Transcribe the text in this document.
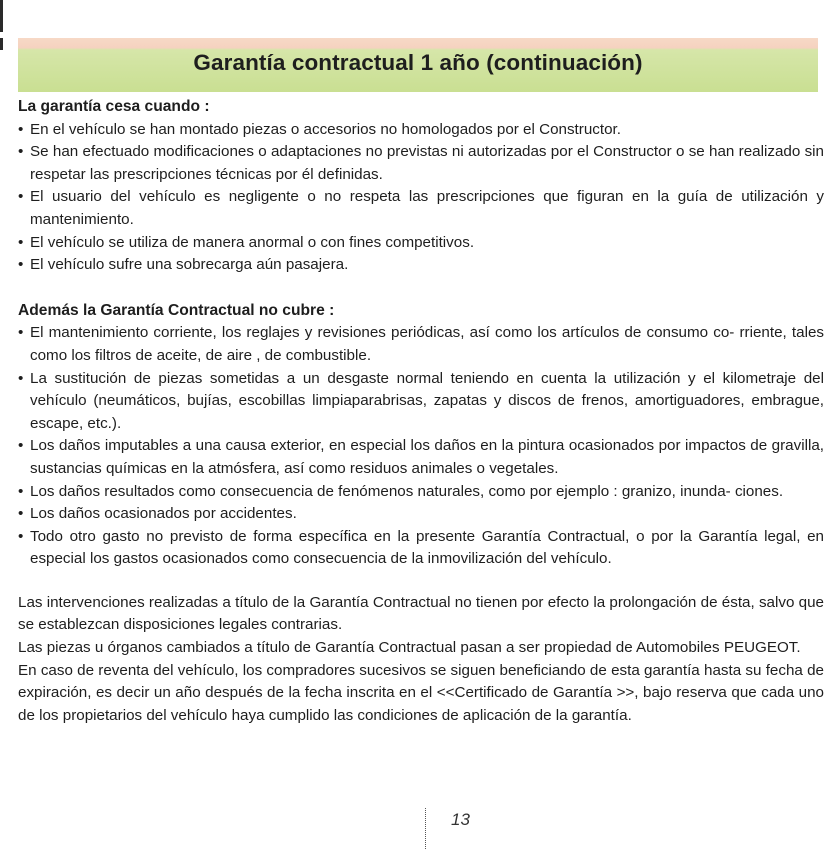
Garantía contractual 1 año (continuación)
La garantía cesa cuando :
• En el vehículo se han montado piezas o accesorios no homologados por el Constructor.
• Se han efectuado modificaciones o adaptaciones no previstas ni autorizadas por el Constructor o se han realizado sin respetar las prescripciones técnicas por él definidas.
• El usuario del vehículo es negligente o no respeta las prescripciones que figuran en la guía de utilización y mantenimiento.
• El vehículo se utiliza de manera anormal o con fines competitivos.
• El vehículo sufre una sobrecarga aún pasajera.
Además la Garantía Contractual no cubre :
• El mantenimiento corriente, los reglajes y revisiones periódicas, así como los artículos de consumo co- rriente, tales como los filtros de aceite, de aire , de combustible.
• La sustitución de piezas sometidas a un desgaste normal teniendo en cuenta la utilización y el kilometraje del vehículo (neumáticos, bujías, escobillas limpiaparabrisas, zapatas y discos de frenos, amortiguadores, embrague, escape, etc.).
• Los daños imputables a una causa exterior, en especial los daños en la pintura ocasionados por impactos de gravilla, sustancias químicas en la atmósfera, así como residuos animales o vegetales.
• Los daños resultados como consecuencia de fenómenos naturales, como por ejemplo : granizo, inunda- ciones.
• Los daños ocasionados por accidentes.
• Todo otro gasto no previsto de forma específica en la presente Garantía Contractual, o por la Garantía legal, en especial los gastos ocasionados como consecuencia de la inmovilización del vehículo.

Las intervenciones realizadas a título de la Garantía Contractual no tienen por efecto la prolongación de ésta, salvo que se establezcan disposiciones legales contrarias.

Las piezas u órganos cambiados a título de Garantía Contractual pasan a ser propiedad de Automobiles PEUGEOT.

En caso de reventa del vehículo, los compradores sucesivos se siguen beneficiando de esta garantía hasta su fecha de expiración, es decir un año después de la fecha inscrita en el <<Certificado de Garantía >>, bajo reserva que cada uno de los propietarios del vehículo haya cumplido las condiciones de aplicación de la garantía.

13
